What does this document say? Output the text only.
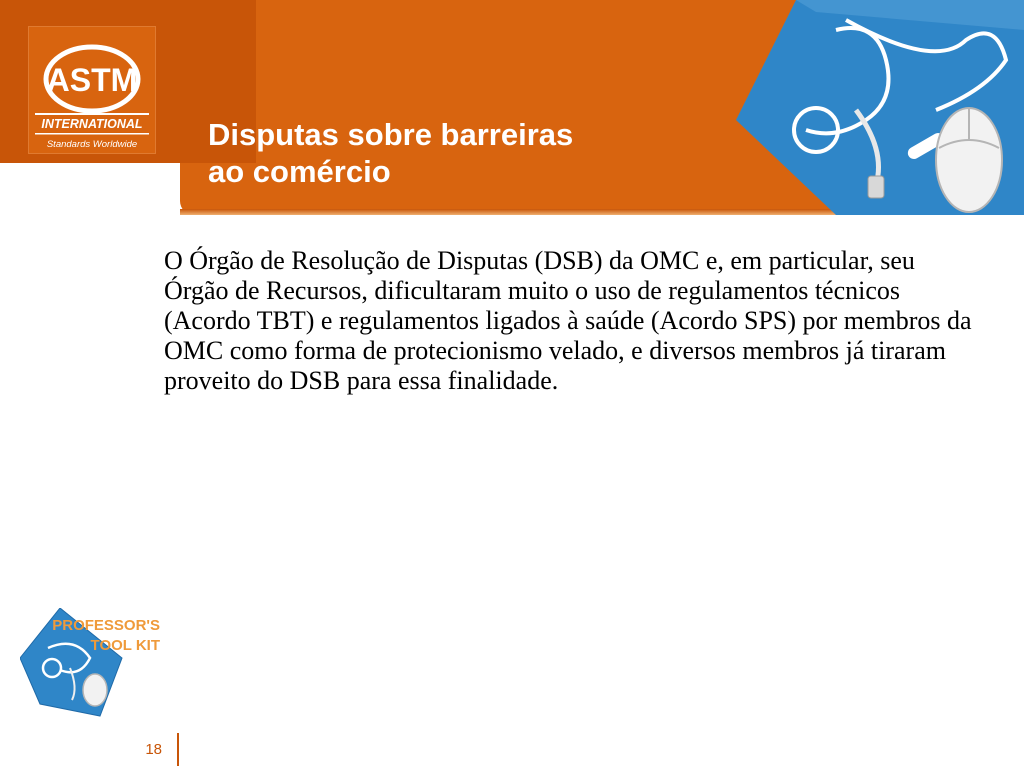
ASTM
INTERNATIONAL
Standards Worldwide Disputas sobre barreiras
ao comércio

O Órgão de Resolução de Disputas (DSB) da OMC e, em particular, seu Órgão de Recursos, dificultaram muito o uso de regulamentos técnicos (Acordo TBT) e regulamentos ligados à saúde (Acordo SPS) por membros da OMC como forma de protecionismo velado, e diversos membros já tiraram proveito do DSB para essa finalidade.

PROFESSOR'S
TOOL KIT
18
